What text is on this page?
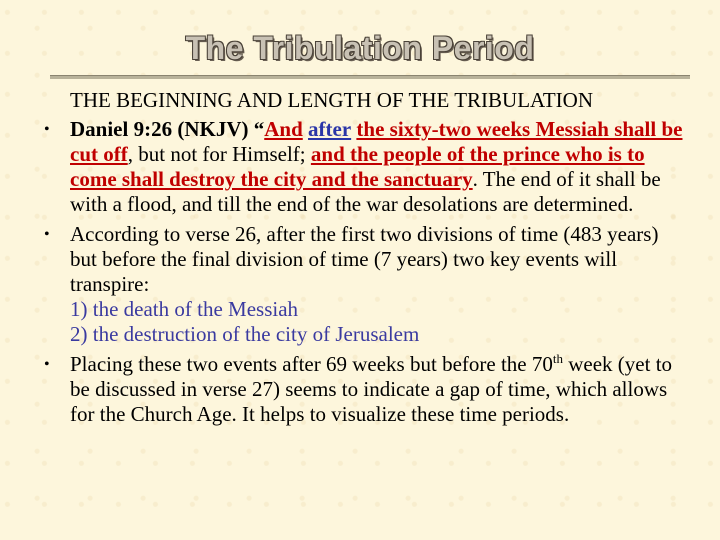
The Tribulation Period
THE BEGINNING AND LENGTH OF THE TRIBULATION
• Daniel 9:26 (NKJV) “And after the sixty-two weeks Messiah shall be cut off, but not for Himself; and the people of the prince who is to come shall destroy the city and the sanctuary. The end of it shall be with a flood, and till the end of the war desolations are determined.
• According to verse 26, after the first two divisions of time (483 years) but before the final division of time (7 years) two key events will transpire:
1) the death of the Messiah
2) the destruction of the city of Jerusalem
• Placing these two events after 69 weeks but before the 70th week (yet to be discussed in verse 27) seems to indicate a gap of time, which allows for the Church Age. It helps to visualize these time periods.
